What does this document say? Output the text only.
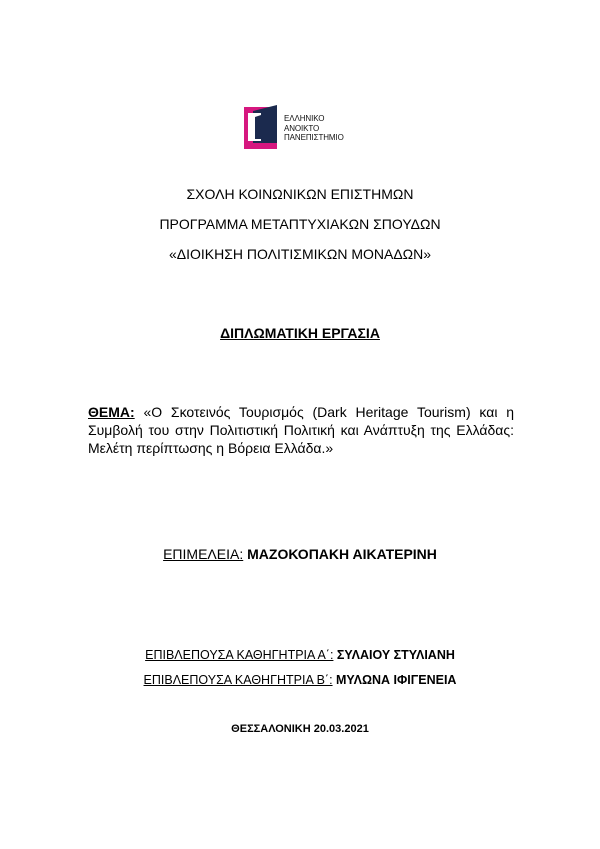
ΕΛΛΗΝΙΚΟ
ΑΝΟΙΚΤΟ
ΠΑΝΕΠΙΣΤΗΜΙΟ
ΣΧΟΛΗ ΚΟΙΝΩΝΙΚΩΝ ΕΠΙΣΤΗΜΩΝ
ΠΡΟΓΡΑΜΜΑ ΜΕΤΑΠΤΥΧΙΑΚΩΝ ΣΠΟΥΔΩΝ
«ΔΙΟΙΚΗΣΗ ΠΟΛΙΤΙΣΜΙΚΩΝ ΜΟΝΑΔΩΝ»
ΔΙΠΛΩΜΑΤΙΚΗ ΕΡΓΑΣΙΑ
ΘΕΜΑ: «Ο Σκοτεινός Τουρισμός (Dark Heritage Tourism) και η Συμβολή του στην Πολιτιστική Πολιτική και Ανάπτυξη της Ελλάδας: Μελέτη περίπτωσης η Βόρεια Ελλάδα.»
ΕΠΙΜΕΛΕΙΑ: ΜΑΖΟΚΟΠΑΚΗ ΑΙΚΑΤΕΡΙΝΗ
ΕΠΙΒΛΕΠΟΥΣΑ ΚΑΘΗΓΗΤΡΙΑ Α΄: ΣΥΛΑΙΟΥ ΣΤΥΛΙΑΝΗ
ΕΠΙΒΛΕΠΟΥΣΑ ΚΑΘΗΓΗΤΡΙΑ Β΄: ΜΥΛΩΝΑ ΙΦΙΓΕΝΕΙΑ
ΘΕΣΣΑΛΟΝΙΚΗ 20.03.2021
